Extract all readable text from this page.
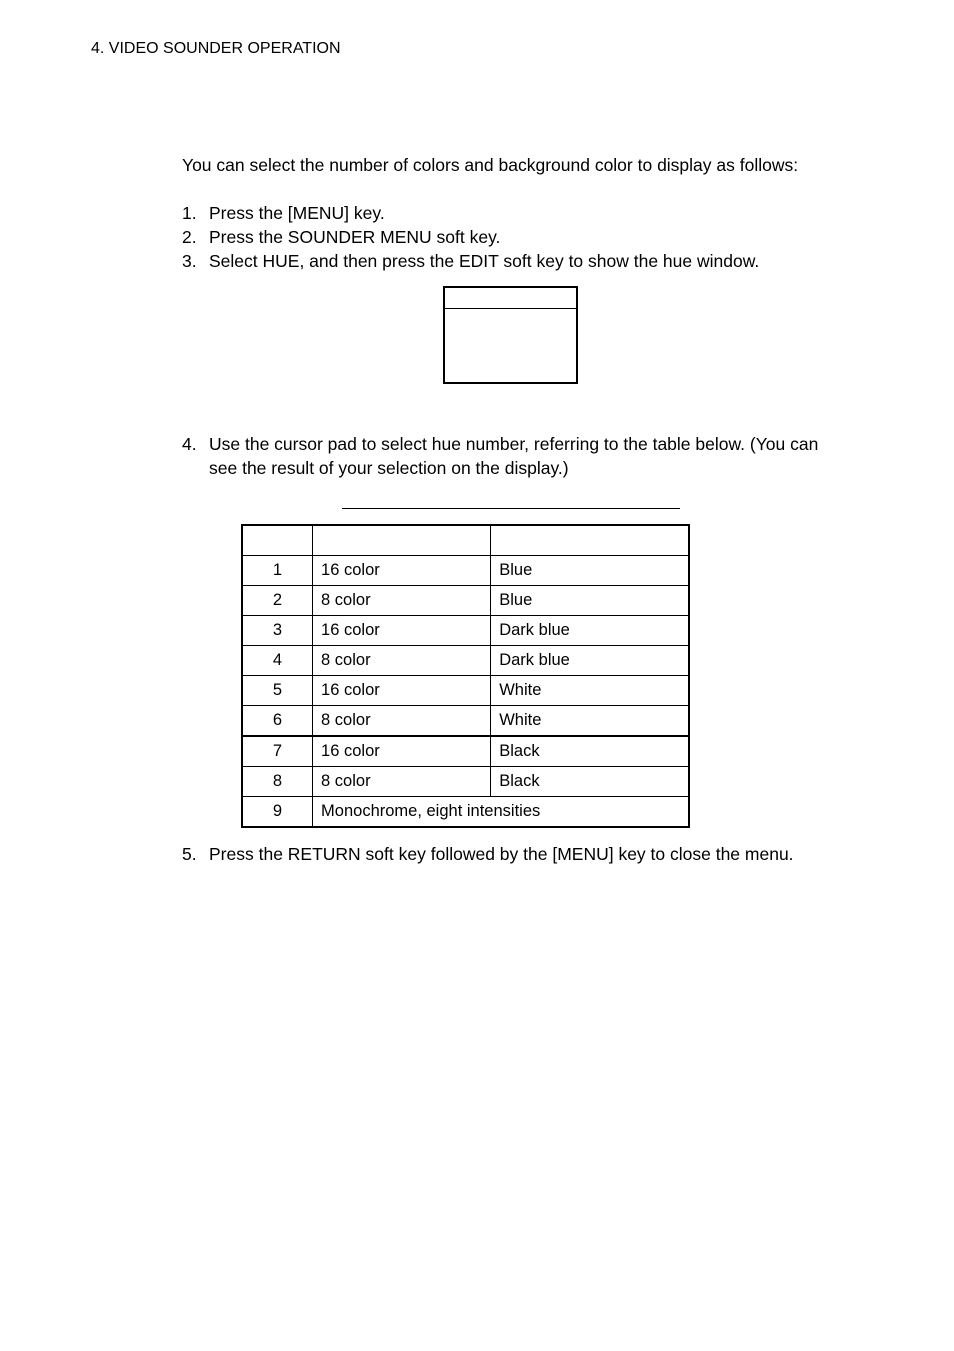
4. VIDEO SOUNDER OPERATION
You can select the number of colors and background color to display as follows:
1. Press the [MENU] key.
2. Press the SOUNDER MENU soft key.
3. Select HUE, and then press the EDIT soft key to show the hue window.
4. Use the cursor pad to select hue number, referring to the table below. (You can see the result of your selection on the display.)

1	16 color	Blue
2	8 color	Blue
3	16 color	Dark blue
4	8 color	Dark blue
5	16 color	White
6	8 color	White
7	16 color	Black
8	8 color	Black
9	Monochrome, eight intensities	
5. Press the RETURN soft key followed by the [MENU] key to close the menu.
